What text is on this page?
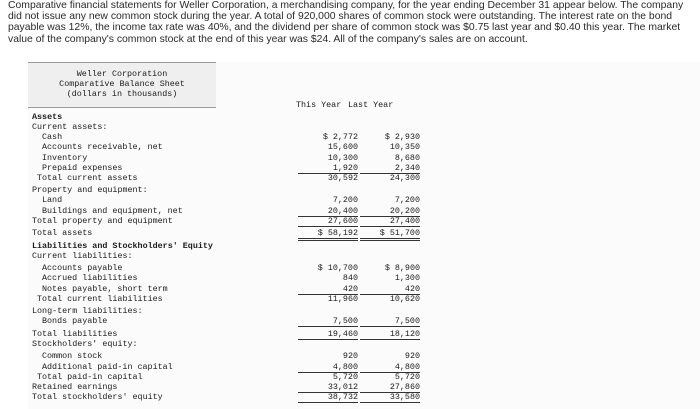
Comparative financial statements for Weller Corporation, a merchandising company, for the year ending December 31 appear below. The company did not issue any new common stock during the year. A total of 920,000 shares of common stock were outstanding. The interest rate on the bond payable was 12%, the income tax rate was 40%, and the dividend per share of common stock was $0.75 last year and $0.40 this year. The market value of the company's common stock at the end of this year was $24. All of the company's sales are on account.

Weller Corporation
Comparative Balance Sheet
(dollars in thousands)
This Year Last Year
Assets
Current assets:
Cash	$ 2,772	$ 2,930
Accounts receivable, net	15,600	10,350
Inventory	10,300	8,680
Prepaid expenses	1,920	2,340
Total current assets	30,592	24,300
Property and equipment:
Land	7,200	7,200
Buildings and equipment, net	20,400	20,200
Total property and equipment	27,600	27,400
Total assets	$ 58,192	$ 51,700
Liabilities and Stockholders' Equity
Current liabilities:
Accounts payable	$ 10,700	$ 8,900
Accrued liabilities	840	1,300
Notes payable, short term	420	420
Total current liabilities	11,960	10,620
Long-term liabilities:
Bonds payable	7,500	7,500
Total liabilities	19,460	18,120
Stockholders' equity:
Common stock	920	920
Additional paid-in capital	4,800	4,800
Total paid-in capital	5,720	5,720
Retained earnings	33,012	27,860
Total stockholders' equity	38,732	33,580
